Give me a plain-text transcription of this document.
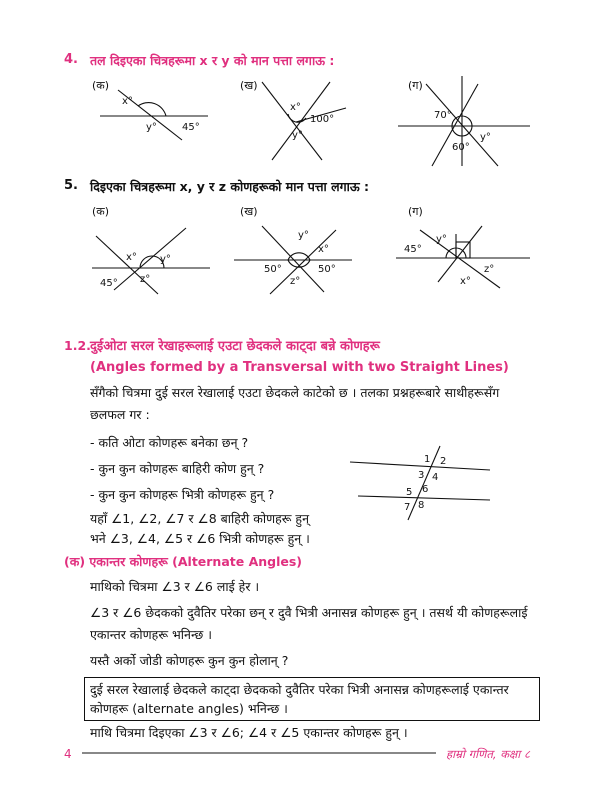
4. तल दिइएका चित्रहरूमा x र y को मान पत्ता लगाऊ :
(क)	(ख)	(ग)
x°
y°	45°
x°
100°
y°
70°
60°
y°
x° y°
z°
45°
y°
x°
z°
50°	50°
45°
y°
x°
z°
1 2
3 4
5 6
7 8
5. दिइएका चित्रहरूमा x, y र z कोणहरूको मान पत्ता लगाऊ :
(क)	(ख)	(ग)
1.2. दुईओटा सरल रेखाहरूलाई एउटा छेदकले काट्दा बन्ने कोणहरू
(Angles formed by a Transversal with two Straight Lines)
सँगैको चित्रमा दुई सरल रेखालाई एउटा छेदकले काटेको छ । तलका प्रश्नहरूबारे साथीहरूसँग
छलफल गर :
- कति ओटा कोणहरू बनेका छन् ?
- कुन कुन कोणहरू बाहिरी कोण हुन् ?
- कुन कुन कोणहरू भित्री कोणहरू हुन् ?
यहाँ ∠1, ∠2, ∠7 र ∠8 बाहिरी कोणहरू हुन्
भने ∠3, ∠4, ∠5 र ∠6 भित्री कोणहरू हुन् ।
(क) एकान्तर कोणहरू (Alternate Angles)
माथिको चित्रमा ∠3 र ∠6 लाई हेर ।
∠3 र ∠6 छेदकको दुवैतिर परेका छन् र दुवै भित्री अनासन्न कोणहरू हुन् । तसर्थ यी कोणहरूलाई
एकान्तर कोणहरू भनिन्छ ।
यस्तै अर्को जोडी कोणहरू कुन कुन होलान् ?
दुई सरल रेखालाई छेदकले काट्दा छेदकको दुवैतिर परेका भित्री अनासन्न कोणहरूलाई एकान्तर
कोणहरू (alternate angles) भनिन्छ ।
माथि चित्रमा दिइएका ∠3 र ∠6; ∠4 र ∠5 एकान्तर कोणहरू हुन् ।
4	हाम्रो गणित, कक्षा ८
